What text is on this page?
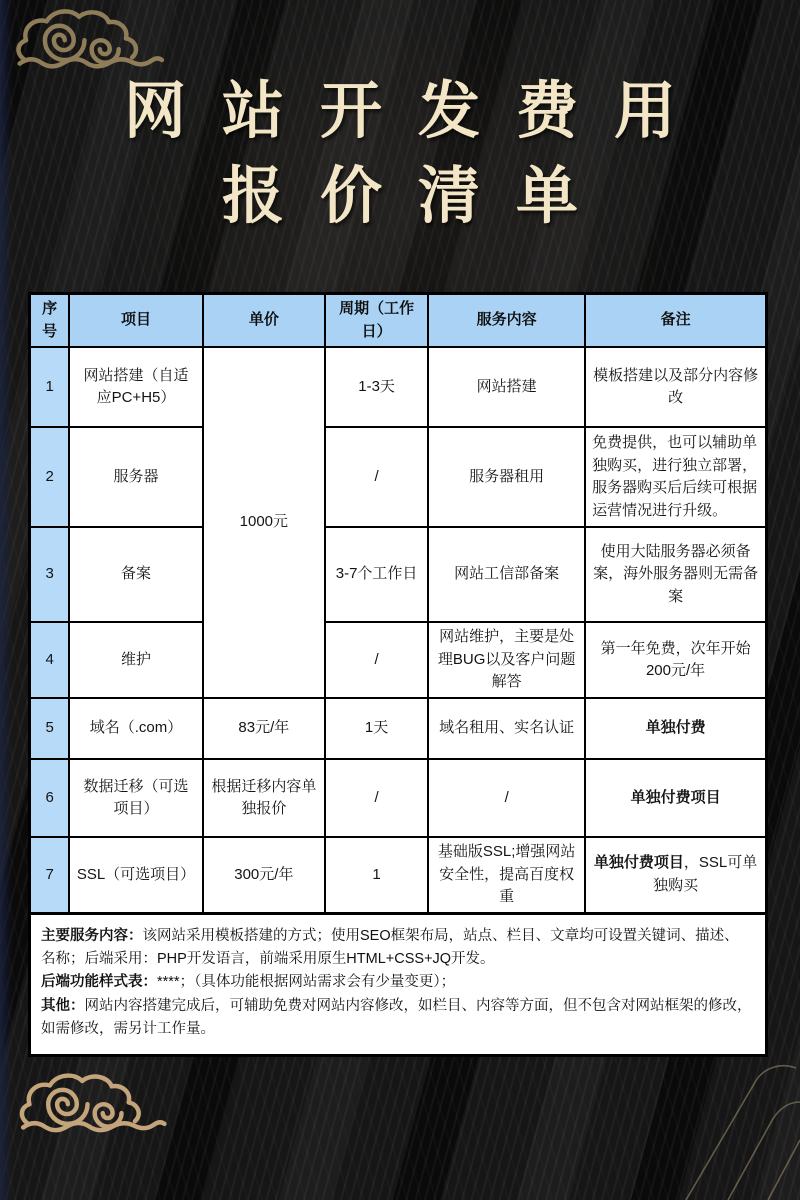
网站开发费用
报价清单
序号	项目	单价	周期（工作日）	服务内容	备注
1	网站搭建（自适应PC+H5）	1000元	1-3天	网站搭建	模板搭建以及部分内容修改
2	服务器		/	服务器租用	免费提供，也可以辅助单独购买，进行独立部署，服务器购买后后续可根据运营情况进行升级。
3	备案		3-7个工作日	网站工信部备案	使用大陆服务器必须备案，海外服务器则无需备案
4	维护		/	网站维护，主要是处理BUG以及客户问题解答	第一年免费，次年开始200元/年
5	域名（.com）	83元/年	1天	域名租用、实名认证	单独付费
6	数据迁移（可选项目）	根据迁移内容单独报价	/	/	单独付费项目
7	SSL（可选项目）	300元/年	1	基础版SSL;增强网站安全性，提高百度权重	单独付费项目，SSL可单独购买

主要服务内容：该网站采用模板搭建的方式；使用SEO框架布局，站点、栏目、文章均可设置关键词、描述、名称；后端采用：PHP开发语言，前端采用原生HTML+CSS+JQ开发。

后端功能样式表：****；（具体功能根据网站需求会有少量变更）；

其他：网站内容搭建完成后，可辅助免费对网站内容修改，如栏目、内容等方面，但不包含对网站框架的修改，如需修改，需另计工作量。
